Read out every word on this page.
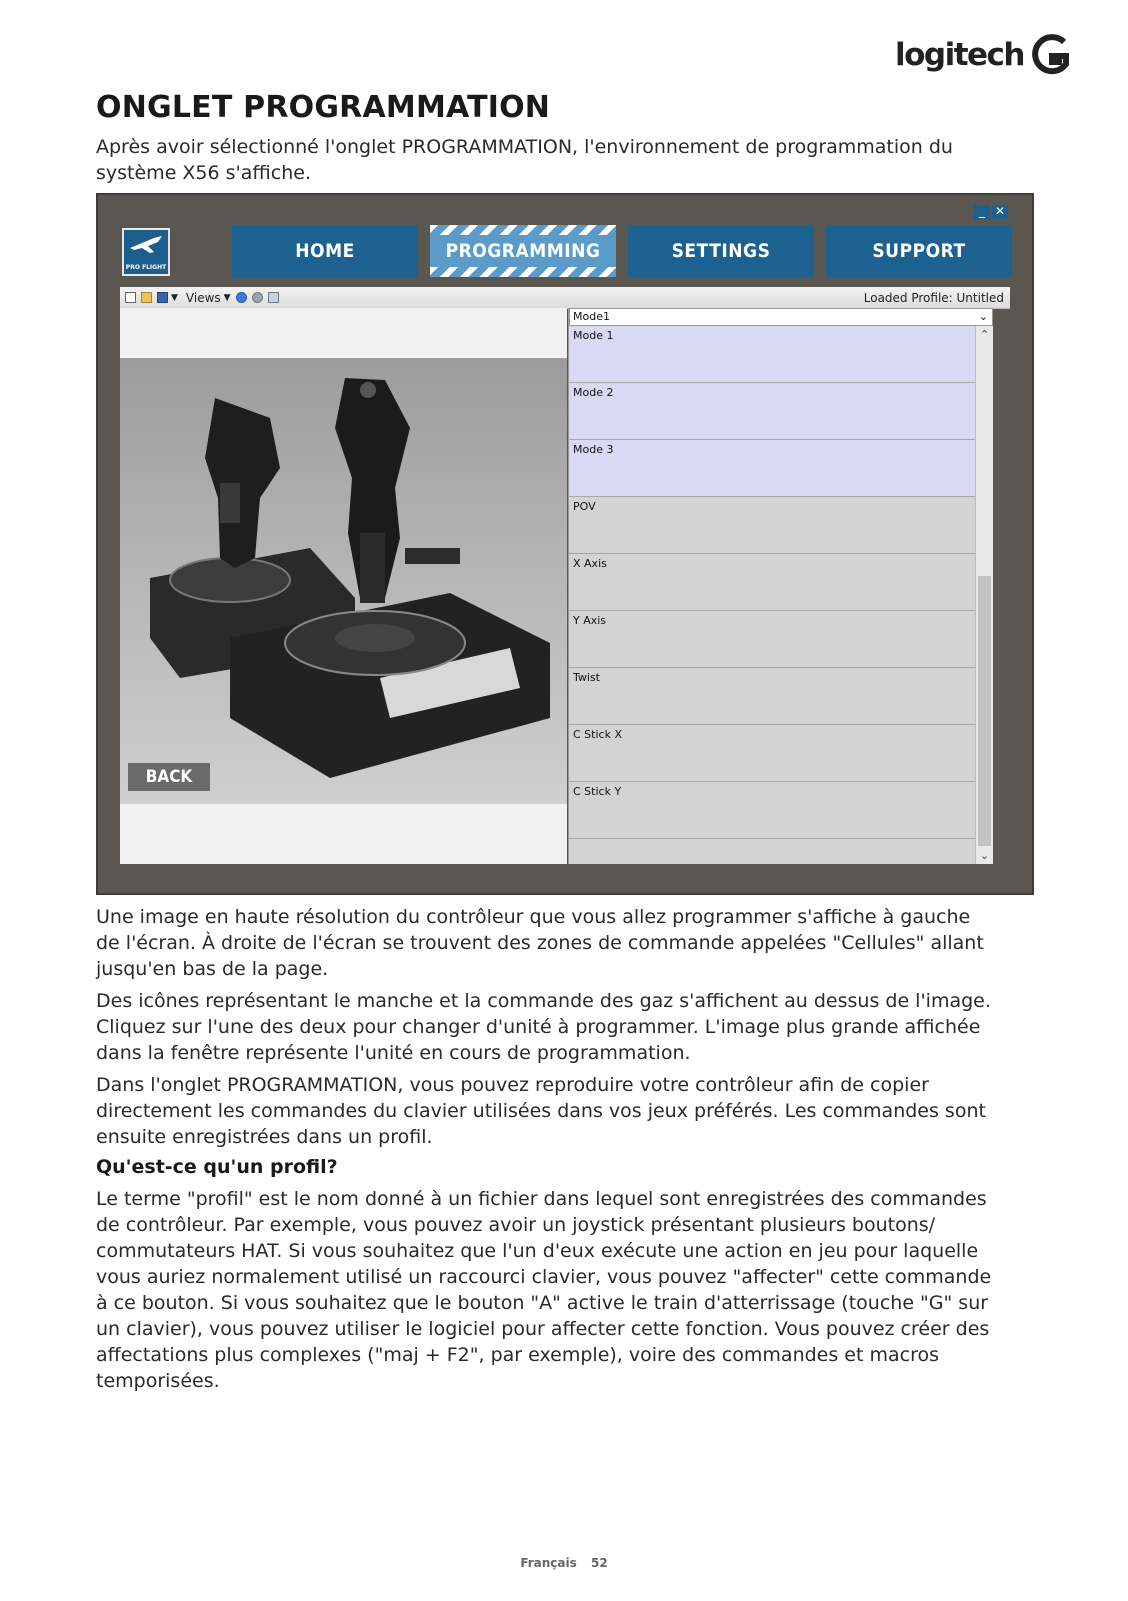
logitech
ONGLET PROGRAMMATION

Après avoir sélectionné l'onglet PROGRAMMATION, l'environnement de programmation du système X56 s'affiche.

_ ✕
PRO FLIGHT
HOME	PROGRAMMING	SETTINGS	SUPPORT
▼ Views ▼	Loaded Profile: Untitled
BACK
Mode1	⌄
Mode 1
Mode 2
Mode 3
POV
X Axis
Y Axis
Twist
C Stick X
C Stick Y
⌃
⌄

Une image en haute résolution du contrôleur que vous allez programmer s'affiche à gauche de l'écran. À droite de l'écran se trouvent des zones de commande appelées "Cellules" allant jusqu'en bas de la page.

Des icônes représentant le manche et la commande des gaz s'affichent au dessus de l'image. Cliquez sur l'une des deux pour changer d'unité à programmer. L'image plus grande affichée dans la fenêtre représente l'unité en cours de programmation.

Dans l'onglet PROGRAMMATION, vous pouvez reproduire votre contrôleur afin de copier directement les commandes du clavier utilisées dans vos jeux préférés. Les commandes sont ensuite enregistrées dans un profil.

Qu'est-ce qu'un profil?

Le terme "profil" est le nom donné à un fichier dans lequel sont enregistrées des commandes de contrôleur. Par exemple, vous pouvez avoir un joystick présentant plusieurs boutons/ commutateurs HAT. Si vous souhaitez que l'un d'eux exécute une action en jeu pour laquelle vous auriez normalement utilisé un raccourci clavier, vous pouvez "affecter" cette commande à ce bouton. Si vous souhaitez que le bouton "A" active le train d'atterrissage (touche "G" sur un clavier), vous pouvez utiliser le logiciel pour affecter cette fonction. Vous pouvez créer des affectations plus complexes ("maj + F2", par exemple), voire des commandes et macros temporisées.

Français 52
